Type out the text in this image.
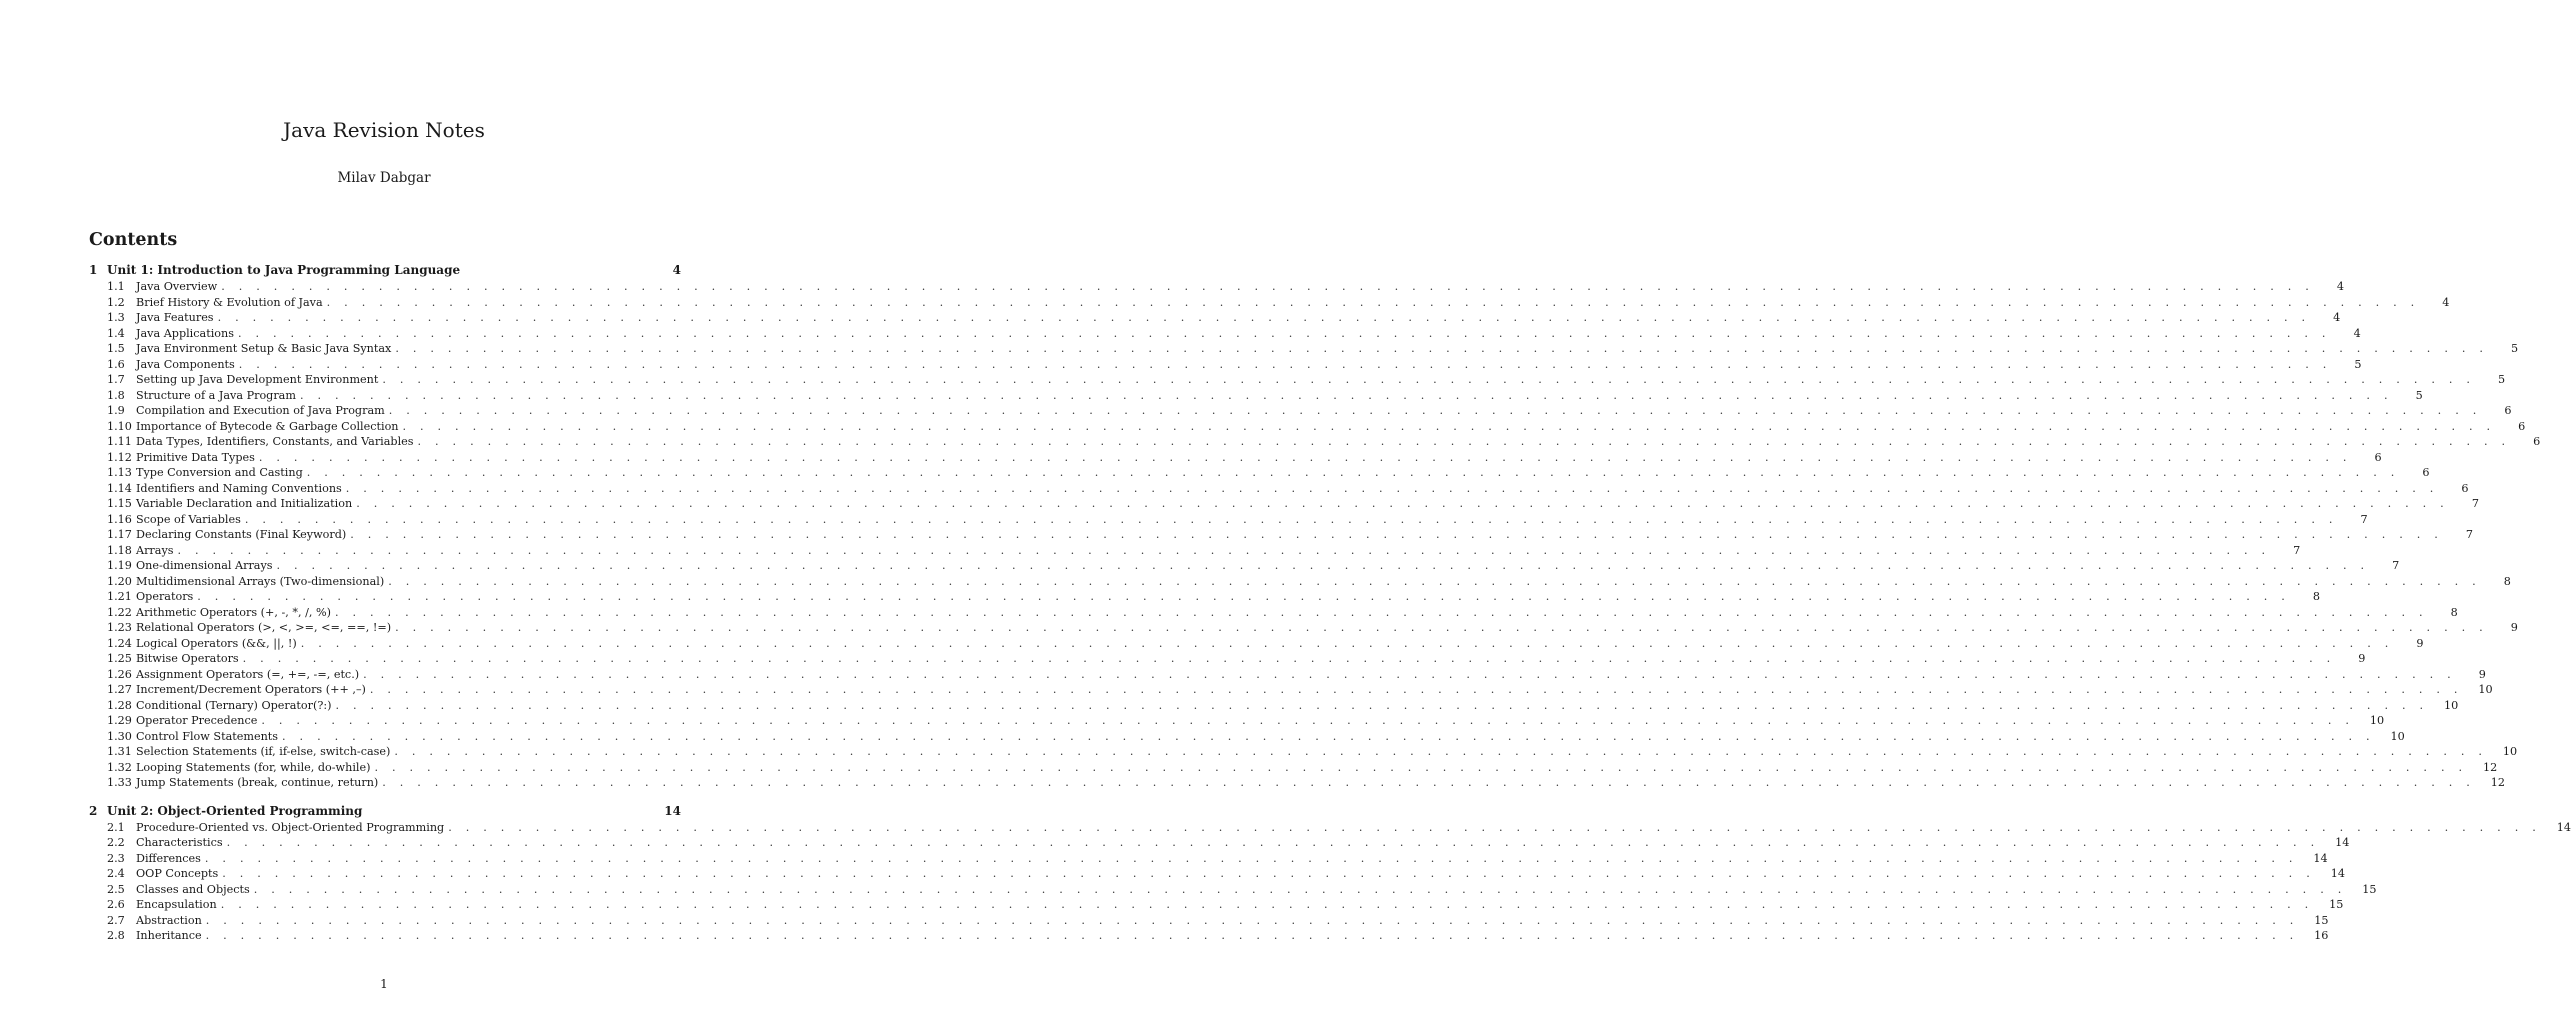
Java Revision Notes

Milav Dabgar

Contents
1 Unit 1: Introduction to Java Programming Language	4
1.1	Java Overview . . . . . . . . . . . . . . . . . . . . . . . . . . . . . . . . . . . . . . . . . . . . . . . . . . . . . . . . . . . . . . . . . . . . . . . . . . . . . . . . . . . . . . . . . . . . . . . . . . . . . . . . . . . . . . . . . . . . . . . .	4
1.2	Brief History & Evolution of Java . . . . . . . . . . . . . . . . . . . . . . . . . . . . . . . . . . . . . . . . . . . . . . . . . . . . . . . . . . . . . . . . . . . . . . . . . . . . . . . . . . . . . . . . . . . . . . . . . . . . . . . . . . . . . . . . . . . . . . . .	4
1.3	Java Features . . . . . . . . . . . . . . . . . . . . . . . . . . . . . . . . . . . . . . . . . . . . . . . . . . . . . . . . . . . . . . . . . . . . . . . . . . . . . . . . . . . . . . . . . . . . . . . . . . . . . . . . . . . . . . . . . . . . . . . .	4
1.4	Java Applications . . . . . . . . . . . . . . . . . . . . . . . . . . . . . . . . . . . . . . . . . . . . . . . . . . . . . . . . . . . . . . . . . . . . . . . . . . . . . . . . . . . . . . . . . . . . . . . . . . . . . . . . . . . . . . . . . . . . . . . .	4
1.5	Java Environment Setup & Basic Java Syntax . . . . . . . . . . . . . . . . . . . . . . . . . . . . . . . . . . . . . . . . . . . . . . . . . . . . . . . . . . . . . . . . . . . . . . . . . . . . . . . . . . . . . . . . . . . . . . . . . . . . . . . . . . . . . . . . . . . . . . . .	5
1.6	Java Components . . . . . . . . . . . . . . . . . . . . . . . . . . . . . . . . . . . . . . . . . . . . . . . . . . . . . . . . . . . . . . . . . . . . . . . . . . . . . . . . . . . . . . . . . . . . . . . . . . . . . . . . . . . . . . . . . . . . . . . .	5
1.7	Setting up Java Development Environment . . . . . . . . . . . . . . . . . . . . . . . . . . . . . . . . . . . . . . . . . . . . . . . . . . . . . . . . . . . . . . . . . . . . . . . . . . . . . . . . . . . . . . . . . . . . . . . . . . . . . . . . . . . . . . . . . . . . . . . .	5
1.8	Structure of a Java Program . . . . . . . . . . . . . . . . . . . . . . . . . . . . . . . . . . . . . . . . . . . . . . . . . . . . . . . . . . . . . . . . . . . . . . . . . . . . . . . . . . . . . . . . . . . . . . . . . . . . . . . . . . . . . . . . . . . . . . . .	5
1.9	Compilation and Execution of Java Program . . . . . . . . . . . . . . . . . . . . . . . . . . . . . . . . . . . . . . . . . . . . . . . . . . . . . . . . . . . . . . . . . . . . . . . . . . . . . . . . . . . . . . . . . . . . . . . . . . . . . . . . . . . . . . . . . . . . . . . .	6
1.10 Importance of Bytecode & Garbage Collection . . . . . . . . . . . . . . . . . . . . . . . . . . . . . . . . . . . . . . . . . . . . . . . . . . . . . . . . . . . . . . . . . . . . . . . . . . . . . . . . . . . . . . . . . . . . . . . . . . . . . . . . . . . . . . . . . . . . . . . .	6
1.11 Data Types, Identifiers, Constants, and Variables . . . . . . . . . . . . . . . . . . . . . . . . . . . . . . . . . . . . . . . . . . . . . . . . . . . . . . . . . . . . . . . . . . . . . . . . . . . . . . . . . . . . . . . . . . . . . . . . . . . . . . . . . . . . . . . . . . . . . . . .	6
1.12 Primitive Data Types . . . . . . . . . . . . . . . . . . . . . . . . . . . . . . . . . . . . . . . . . . . . . . . . . . . . . . . . . . . . . . . . . . . . . . . . . . . . . . . . . . . . . . . . . . . . . . . . . . . . . . . . . . . . . . . . . . . . . . . .	6
1.13 Type Conversion and Casting . . . . . . . . . . . . . . . . . . . . . . . . . . . . . . . . . . . . . . . . . . . . . . . . . . . . . . . . . . . . . . . . . . . . . . . . . . . . . . . . . . . . . . . . . . . . . . . . . . . . . . . . . . . . . . . . . . . . . . . .	6
1.14 Identifiers and Naming Conventions . . . . . . . . . . . . . . . . . . . . . . . . . . . . . . . . . . . . . . . . . . . . . . . . . . . . . . . . . . . . . . . . . . . . . . . . . . . . . . . . . . . . . . . . . . . . . . . . . . . . . . . . . . . . . . . . . . . . . . . .	6
1.15 Variable Declaration and Initialization . . . . . . . . . . . . . . . . . . . . . . . . . . . . . . . . . . . . . . . . . . . . . . . . . . . . . . . . . . . . . . . . . . . . . . . . . . . . . . . . . . . . . . . . . . . . . . . . . . . . . . . . . . . . . . . . . . . . . . . .	7
1.16 Scope of Variables . . . . . . . . . . . . . . . . . . . . . . . . . . . . . . . . . . . . . . . . . . . . . . . . . . . . . . . . . . . . . . . . . . . . . . . . . . . . . . . . . . . . . . . . . . . . . . . . . . . . . . . . . . . . . . . . . . . . . . . .	7
1.17 Declaring Constants (Final Keyword) . . . . . . . . . . . . . . . . . . . . . . . . . . . . . . . . . . . . . . . . . . . . . . . . . . . . . . . . . . . . . . . . . . . . . . . . . . . . . . . . . . . . . . . . . . . . . . . . . . . . . . . . . . . . . . . . . . . . . . . .	7
1.18 Arrays . . . . . . . . . . . . . . . . . . . . . . . . . . . . . . . . . . . . . . . . . . . . . . . . . . . . . . . . . . . . . . . . . . . . . . . . . . . . . . . . . . . . . . . . . . . . . . . . . . . . . . . . . . . . . . . . . . . . . . . .	7
1.19 One-dimensional Arrays . . . . . . . . . . . . . . . . . . . . . . . . . . . . . . . . . . . . . . . . . . . . . . . . . . . . . . . . . . . . . . . . . . . . . . . . . . . . . . . . . . . . . . . . . . . . . . . . . . . . . . . . . . . . . . . . . . . . . . . .	7
1.20 Multidimensional Arrays (Two-dimensional) . . . . . . . . . . . . . . . . . . . . . . . . . . . . . . . . . . . . . . . . . . . . . . . . . . . . . . . . . . . . . . . . . . . . . . . . . . . . . . . . . . . . . . . . . . . . . . . . . . . . . . . . . . . . . . . . . . . . . . . .	8
1.21 Operators . . . . . . . . . . . . . . . . . . . . . . . . . . . . . . . . . . . . . . . . . . . . . . . . . . . . . . . . . . . . . . . . . . . . . . . . . . . . . . . . . . . . . . . . . . . . . . . . . . . . . . . . . . . . . . . . . . . . . . . .	8
1.22 Arithmetic Operators (+, -, *, /, %) . . . . . . . . . . . . . . . . . . . . . . . . . . . . . . . . . . . . . . . . . . . . . . . . . . . . . . . . . . . . . . . . . . . . . . . . . . . . . . . . . . . . . . . . . . . . . . . . . . . . . . . . . . . . . . . . . . . . . . . .	8
1.23 Relational Operators (>, <, >=, <=, ==, !=) . . . . . . . . . . . . . . . . . . . . . . . . . . . . . . . . . . . . . . . . . . . . . . . . . . . . . . . . . . . . . . . . . . . . . . . . . . . . . . . . . . . . . . . . . . . . . . . . . . . . . . . . . . . . . . . . . . . . . . . .	9
1.24 Logical Operators (&&, ||, !) . . . . . . . . . . . . . . . . . . . . . . . . . . . . . . . . . . . . . . . . . . . . . . . . . . . . . . . . . . . . . . . . . . . . . . . . . . . . . . . . . . . . . . . . . . . . . . . . . . . . . . . . . . . . . . . . . . . . . . . .	9
1.25 Bitwise Operators . . . . . . . . . . . . . . . . . . . . . . . . . . . . . . . . . . . . . . . . . . . . . . . . . . . . . . . . . . . . . . . . . . . . . . . . . . . . . . . . . . . . . . . . . . . . . . . . . . . . . . . . . . . . . . . . . . . . . . . .	9
1.26 Assignment Operators (=, +=, -=, etc.) . . . . . . . . . . . . . . . . . . . . . . . . . . . . . . . . . . . . . . . . . . . . . . . . . . . . . . . . . . . . . . . . . . . . . . . . . . . . . . . . . . . . . . . . . . . . . . . . . . . . . . . . . . . . . . . . . . . . . . . .	9
1.27 Increment/Decrement Operators (++ ,–) . . . . . . . . . . . . . . . . . . . . . . . . . . . . . . . . . . . . . . . . . . . . . . . . . . . . . . . . . . . . . . . . . . . . . . . . . . . . . . . . . . . . . . . . . . . . . . . . . . . . . . . . . . . . . . . . . . . . . . . .	10
1.28 Conditional (Ternary) Operator(?:) . . . . . . . . . . . . . . . . . . . . . . . . . . . . . . . . . . . . . . . . . . . . . . . . . . . . . . . . . . . . . . . . . . . . . . . . . . . . . . . . . . . . . . . . . . . . . . . . . . . . . . . . . . . . . . . . . . . . . . . .	10
1.29 Operator Precedence . . . . . . . . . . . . . . . . . . . . . . . . . . . . . . . . . . . . . . . . . . . . . . . . . . . . . . . . . . . . . . . . . . . . . . . . . . . . . . . . . . . . . . . . . . . . . . . . . . . . . . . . . . . . . . . . . . . . . . . .	10
1.30 Control Flow Statements . . . . . . . . . . . . . . . . . . . . . . . . . . . . . . . . . . . . . . . . . . . . . . . . . . . . . . . . . . . . . . . . . . . . . . . . . . . . . . . . . . . . . . . . . . . . . . . . . . . . . . . . . . . . . . . . . . . . . . . .	10
1.31 Selection Statements (if, if-else, switch-case) . . . . . . . . . . . . . . . . . . . . . . . . . . . . . . . . . . . . . . . . . . . . . . . . . . . . . . . . . . . . . . . . . . . . . . . . . . . . . . . . . . . . . . . . . . . . . . . . . . . . . . . . . . . . . . . . . . . . . . . .	10
1.32 Looping Statements (for, while, do-while) . . . . . . . . . . . . . . . . . . . . . . . . . . . . . . . . . . . . . . . . . . . . . . . . . . . . . . . . . . . . . . . . . . . . . . . . . . . . . . . . . . . . . . . . . . . . . . . . . . . . . . . . . . . . . . . . . . . . . . . .	12
1.33 Jump Statements (break, continue, return) . . . . . . . . . . . . . . . . . . . . . . . . . . . . . . . . . . . . . . . . . . . . . . . . . . . . . . . . . . . . . . . . . . . . . . . . . . . . . . . . . . . . . . . . . . . . . . . . . . . . . . . . . . . . . . . . . . . . . . . .	12
2 Unit 2: Object-Oriented Programming	14
2.1	Procedure-Oriented vs. Object-Oriented Programming . . . . . . . . . . . . . . . . . . . . . . . . . . . . . . . . . . . . . . . . . . . . . . . . . . . . . . . . . . . . . . . . . . . . . . . . . . . . . . . . . . . . . . . . . . . . . . . . . . . . . . . . . . . . . . . . . . . . . . . .	14
2.2	Characteristics . . . . . . . . . . . . . . . . . . . . . . . . . . . . . . . . . . . . . . . . . . . . . . . . . . . . . . . . . . . . . . . . . . . . . . . . . . . . . . . . . . . . . . . . . . . . . . . . . . . . . . . . . . . . . . . . . . . . . . . .	14
2.3	Differences . . . . . . . . . . . . . . . . . . . . . . . . . . . . . . . . . . . . . . . . . . . . . . . . . . . . . . . . . . . . . . . . . . . . . . . . . . . . . . . . . . . . . . . . . . . . . . . . . . . . . . . . . . . . . . . . . . . . . . . .	14
2.4	OOP Concepts . . . . . . . . . . . . . . . . . . . . . . . . . . . . . . . . . . . . . . . . . . . . . . . . . . . . . . . . . . . . . . . . . . . . . . . . . . . . . . . . . . . . . . . . . . . . . . . . . . . . . . . . . . . . . . . . . . . . . . . .	14
2.5	Classes and Objects . . . . . . . . . . . . . . . . . . . . . . . . . . . . . . . . . . . . . . . . . . . . . . . . . . . . . . . . . . . . . . . . . . . . . . . . . . . . . . . . . . . . . . . . . . . . . . . . . . . . . . . . . . . . . . . . . . . . . . . .	15
2.6	Encapsulation . . . . . . . . . . . . . . . . . . . . . . . . . . . . . . . . . . . . . . . . . . . . . . . . . . . . . . . . . . . . . . . . . . . . . . . . . . . . . . . . . . . . . . . . . . . . . . . . . . . . . . . . . . . . . . . . . . . . . . . .	15
2.7	Abstraction . . . . . . . . . . . . . . . . . . . . . . . . . . . . . . . . . . . . . . . . . . . . . . . . . . . . . . . . . . . . . . . . . . . . . . . . . . . . . . . . . . . . . . . . . . . . . . . . . . . . . . . . . . . . . . . . . . . . . . . .	15
2.8	Inheritance . . . . . . . . . . . . . . . . . . . . . . . . . . . . . . . . . . . . . . . . . . . . . . . . . . . . . . . . . . . . . . . . . . . . . . . . . . . . . . . . . . . . . . . . . . . . . . . . . . . . . . . . . . . . . . . . . . . . . . . .	16

1
